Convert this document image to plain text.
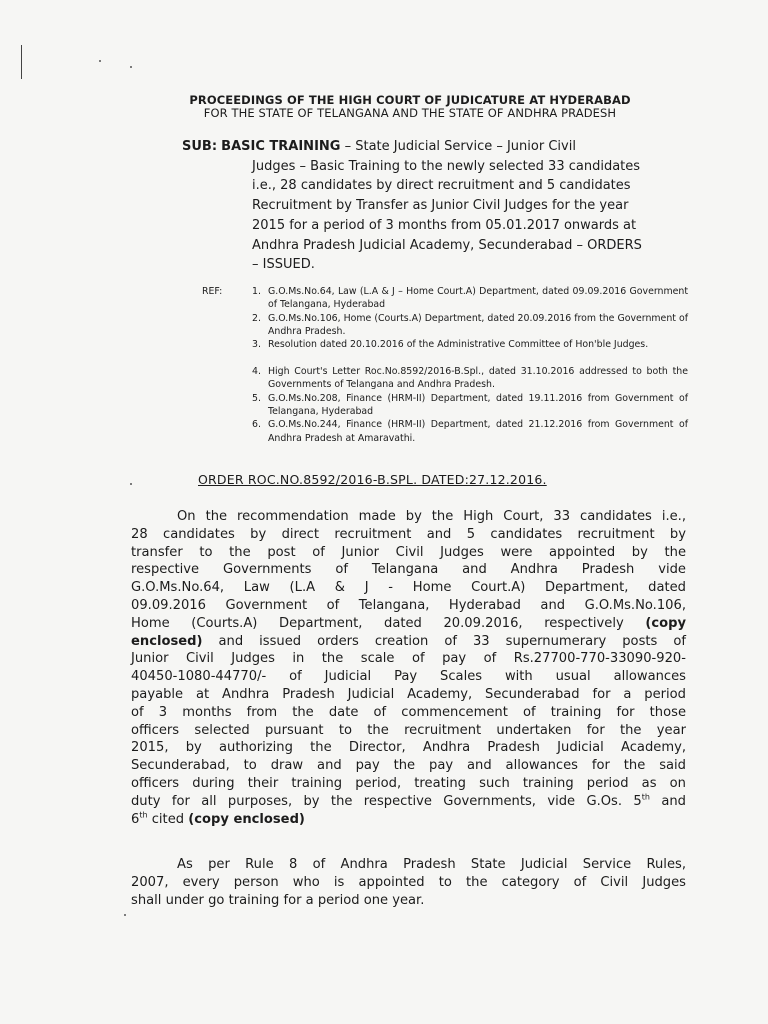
PROCEEDINGS OF THE HIGH COURT OF JUDICATURE AT HYDERABAD
FOR THE STATE OF TELANGANA AND THE STATE OF ANDHRA PRADESH
SUB: BASIC TRAINING – State Judicial Service – Junior Civil
Judges – Basic Training to the newly selected 33 candidates
i.e., 28 candidates by direct recruitment and 5 candidates
Recruitment by Transfer as Junior Civil Judges for the year
2015 for a period of 3 months from 05.01.2017 onwards at
Andhra Pradesh Judicial Academy, Secunderabad – ORDERS
– ISSUED.
REF:	1. G.O.Ms.No.64, Law (L.A & J – Home Court.A) Department, dated 09.09.2016 Government of Telangana, Hyderabad
2. G.O.Ms.No.106, Home (Courts.A) Department, dated 20.09.2016 from the Government of Andhra Pradesh.
3. Resolution dated 20.10.2016 of the Administrative Committee of Hon'ble Judges.
4. High Court's Letter Roc.No.8592/2016-B.Spl., dated 31.10.2016 addressed to both the Governments of Telangana and Andhra Pradesh.
5. G.O.Ms.No.208, Finance (HRM-II) Department, dated 19.11.2016 from Government of Telangana, Hyderabad
6. G.O.Ms.No.244, Finance (HRM-II) Department, dated 21.12.2016 from Government of Andhra Pradesh at Amaravathi.
ORDER ROC.NO.8592/2016-B.SPL. DATED:27.12.2016.
On the recommendation made by the High Court, 33 candidates i.e.,
28 candidates by direct recruitment and 5 candidates recruitment by
transfer to the post of Junior Civil Judges were appointed by the
respective Governments of Telangana and Andhra Pradesh vide
G.O.Ms.No.64, Law (L.A & J - Home Court.A) Department, dated
09.09.2016 Government of Telangana, Hyderabad and G.O.Ms.No.106,
Home (Courts.A) Department, dated 20.09.2016, respectively (copy
enclosed) and issued orders creation of 33 supernumerary posts of
Junior Civil Judges in the scale of pay of Rs.27700-770-33090-920-
40450-1080-44770/- of Judicial Pay Scales with usual allowances
payable at Andhra Pradesh Judicial Academy, Secunderabad for a period
of 3 months from the date of commencement of training for those
officers selected pursuant to the recruitment undertaken for the year
2015, by authorizing the Director, Andhra Pradesh Judicial Academy,
Secunderabad, to draw and pay the pay and allowances for the said
officers during their training period, treating such training period as on
duty for all purposes, by the respective Governments, vide G.Os. 5th and
6th cited (copy enclosed)
As per Rule 8 of Andhra Pradesh State Judicial Service Rules,
2007, every person who is appointed to the category of Civil Judges
shall under go training for a period one year.
